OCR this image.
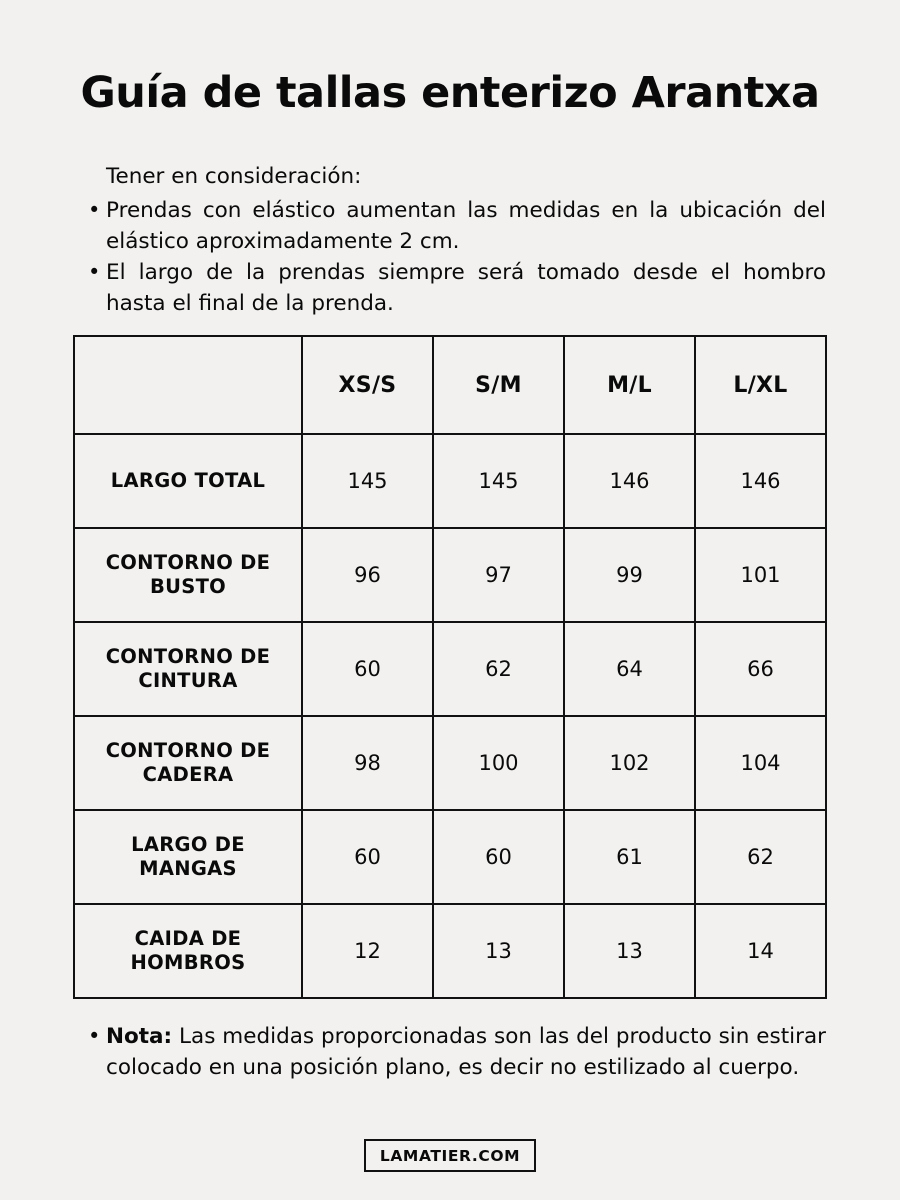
Guía de tallas enterizo Arantxa
Tener en consideración:
• Prendas con elástico aumentan las medidas en la ubicación del elástico aproximadamente 2 cm.
• El largo de la prendas siempre será tomado desde el hombro hasta el final de la prenda.
	XS/S	S/M	M/L	L/XL
LARGO TOTAL	145	145	146	146
CONTORNO DE BUSTO	96	97	99	101
CONTORNO DE CINTURA	60	62	64	66
CONTORNO DE CADERA	98	100	102	104
LARGO DE MANGAS	60	60	61	62
CAIDA DE HOMBROS	12	13	13	14
• Nota: Las medidas proporcionadas son las del producto sin estirar colocado en una posición plano, es decir no estilizado al cuerpo.
LAMATIER.COM
